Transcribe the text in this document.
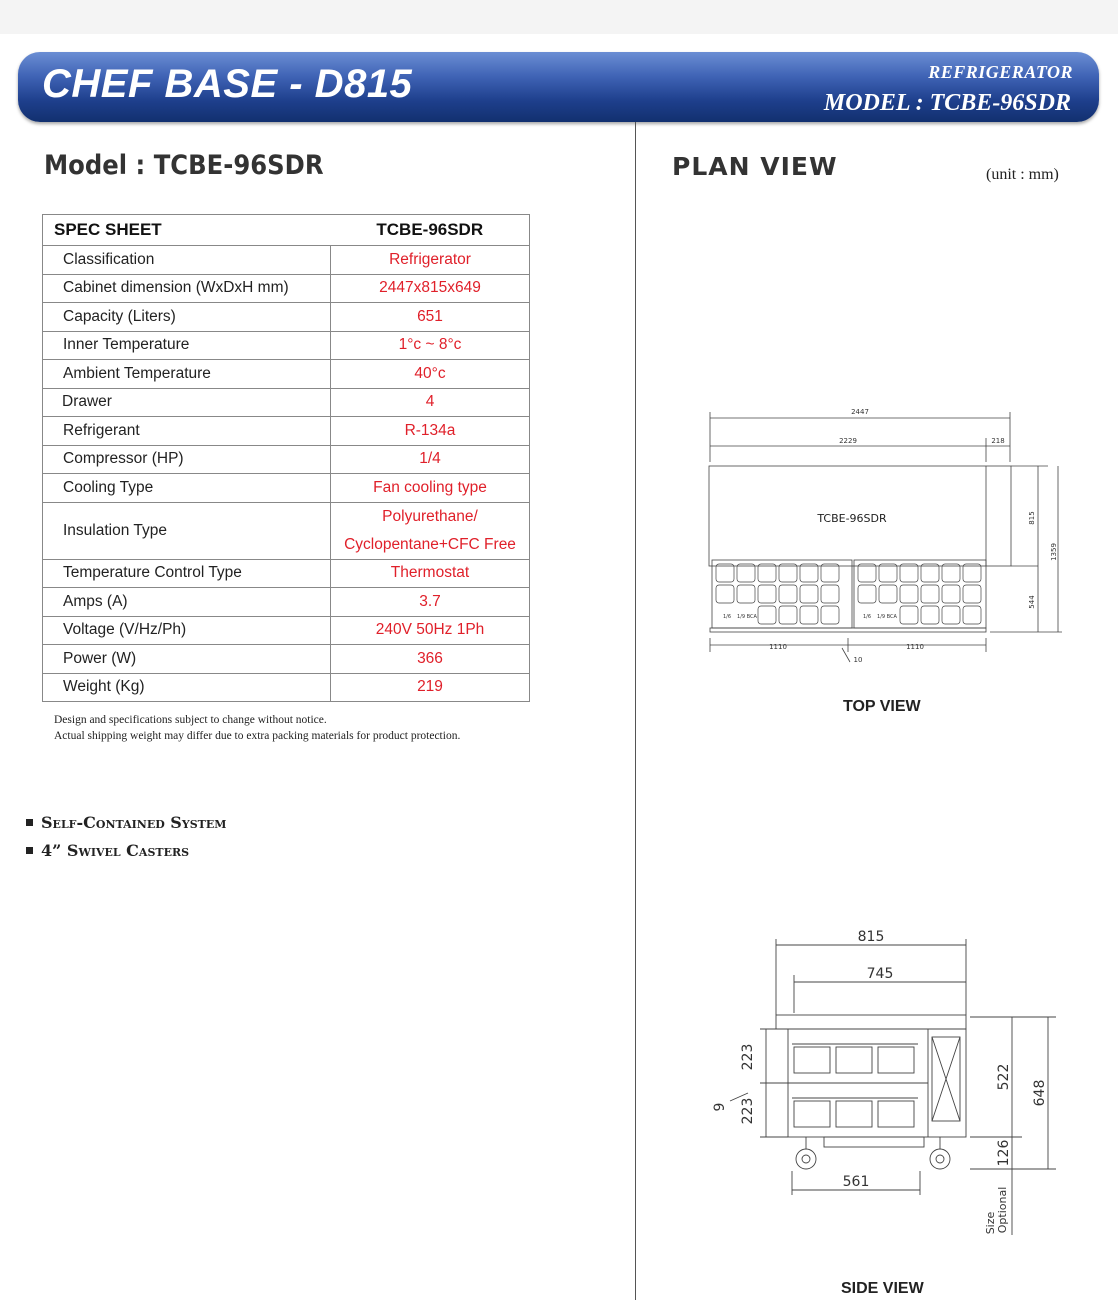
CHEF BASE - D815	REFRIGERATOR
MODEL : TCBE-96SDR
Model : TCBE-96SDR	PLAN VIEW	(unit : mm)
SPEC SHEET	TCBE-96SDR
Classification	Refrigerator
Cabinet dimension (WxDxH mm)	2447x815x649
Capacity (Liters)	651
Inner Temperature	1°c ~ 8°c
Ambient Temperature	40°c
Drawer	4
Refrigerant	R-134a
Compressor (HP)	1/4
Cooling Type	Fan cooling type
Insulation Type	Polyurethane/
Cyclopentane+CFC Free

Temperature Control Type	Thermostat
Amps (A)	3.7
Voltage (V/Hz/Ph)	240V 50Hz 1Ph
Power (W)	366
Weight (Kg)	219
Design and specifications subject to change without notice.
Actual shipping weight may differ due to extra packing materials for product protection.
Self-Contained System
4” Swivel Casters
2447
2229	218
1110	1110
10
815
1359
544
TCBE-96SDR
1/6 1/9 BCA	1/6 1/9 BCA
TOP VIEW
815
745
561
223
223
9
522
648
126
Size Optional
SIDE VIEW
